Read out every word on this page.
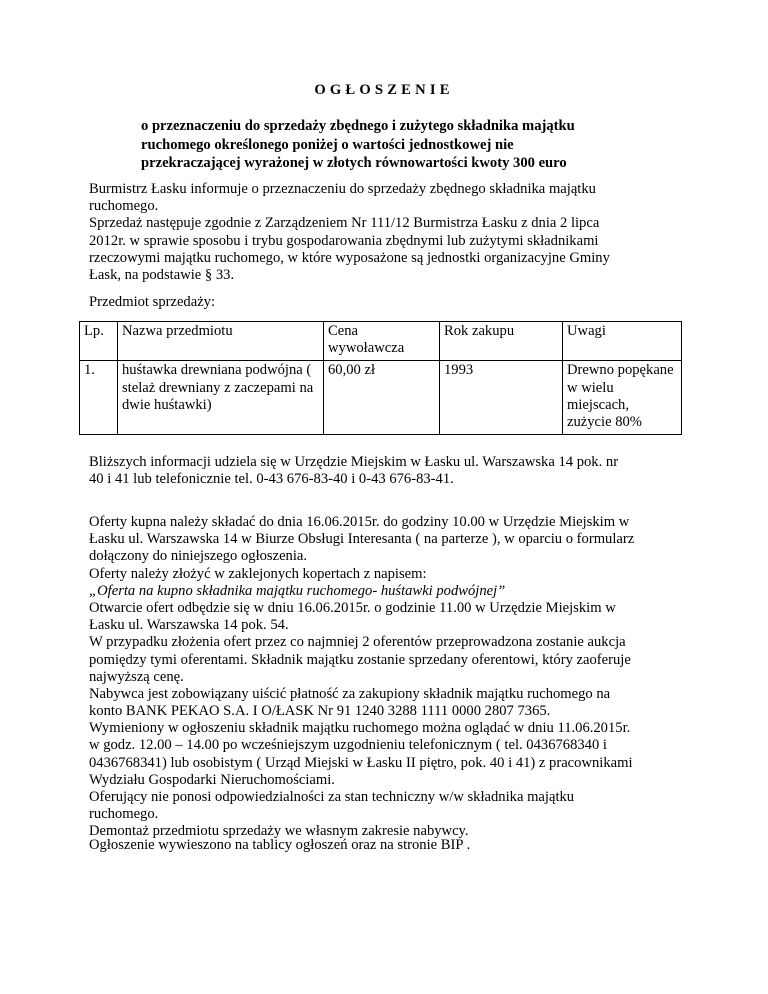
OGŁOSZENIE
o przeznaczeniu do sprzedaży zbędnego i zużytego składnika majątku
ruchomego określonego poniżej o wartości jednostkowej nie
przekraczającej wyrażonej w złotych równowartości kwoty 300 euro
Burmistrz Łasku informuje o przeznaczeniu do sprzedaży zbędnego składnika majątku
ruchomego.
Sprzedaż następuje zgodnie z Zarządzeniem Nr 111/12 Burmistrza Łasku z dnia 2 lipca
2012r. w sprawie sposobu i trybu gospodarowania zbędnymi lub zużytymi składnikami
rzeczowymi majątku ruchomego, w które wyposażone są jednostki organizacyjne Gminy
Łask, na podstawie § 33.
Przedmiot sprzedaży:
Lp.	Nazwa przedmiotu	Cena wywoławcza	Rok zakupu	Uwagi
1.	huśtawka drewniana podwójna ( stelaż drewniany z zaczepami na dwie huśtawki)	60,00 zł	1993	Drewno popękane w wielu miejscach, zużycie 80%
Bliższych informacji udziela się w Urzędzie Miejskim w Łasku ul. Warszawska 14 pok. nr
40 i 41 lub telefonicznie tel. 0-43 676-83-40 i 0-43 676-83-41.
Oferty kupna należy składać do dnia 16.06.2015r. do godziny 10.00 w Urzędzie Miejskim w
Łasku ul. Warszawska 14 w Biurze Obsługi Interesanta ( na parterze ), w oparciu o formularz
dołączony do niniejszego ogłoszenia.
Oferty należy złożyć w zaklejonych kopertach z napisem:
„Oferta na kupno składnika majątku ruchomego- huśtawki podwójnej”
Otwarcie ofert odbędzie się w dniu 16.06.2015r. o godzinie 11.00 w Urzędzie Miejskim w
Łasku ul. Warszawska 14 pok. 54.
W przypadku złożenia ofert przez co najmniej 2 oferentów przeprowadzona zostanie aukcja
pomiędzy tymi oferentami. Składnik majątku zostanie sprzedany oferentowi, który zaoferuje
najwyższą cenę.
Nabywca jest zobowiązany uiścić płatność za zakupiony składnik majątku ruchomego na
konto BANK PEKAO S.A. I O/ŁASK Nr 91 1240 3288 1111 0000 2807 7365.
Wymieniony w ogłoszeniu składnik majątku ruchomego można oglądać w dniu 11.06.2015r.
w godz. 12.00 – 14.00 po wcześniejszym uzgodnieniu telefonicznym ( tel. 0436768340 i
0436768341) lub osobistym ( Urząd Miejski w Łasku II piętro, pok. 40 i 41) z pracownikami
Wydziału Gospodarki Nieruchomościami.
Oferujący nie ponosi odpowiedzialności za stan techniczny w/w składnika majątku
ruchomego.
Demontaż przedmiotu sprzedaży we własnym zakresie nabywcy.
Ogłoszenie wywieszono na tablicy ogłoszeń oraz na stronie BIP .
